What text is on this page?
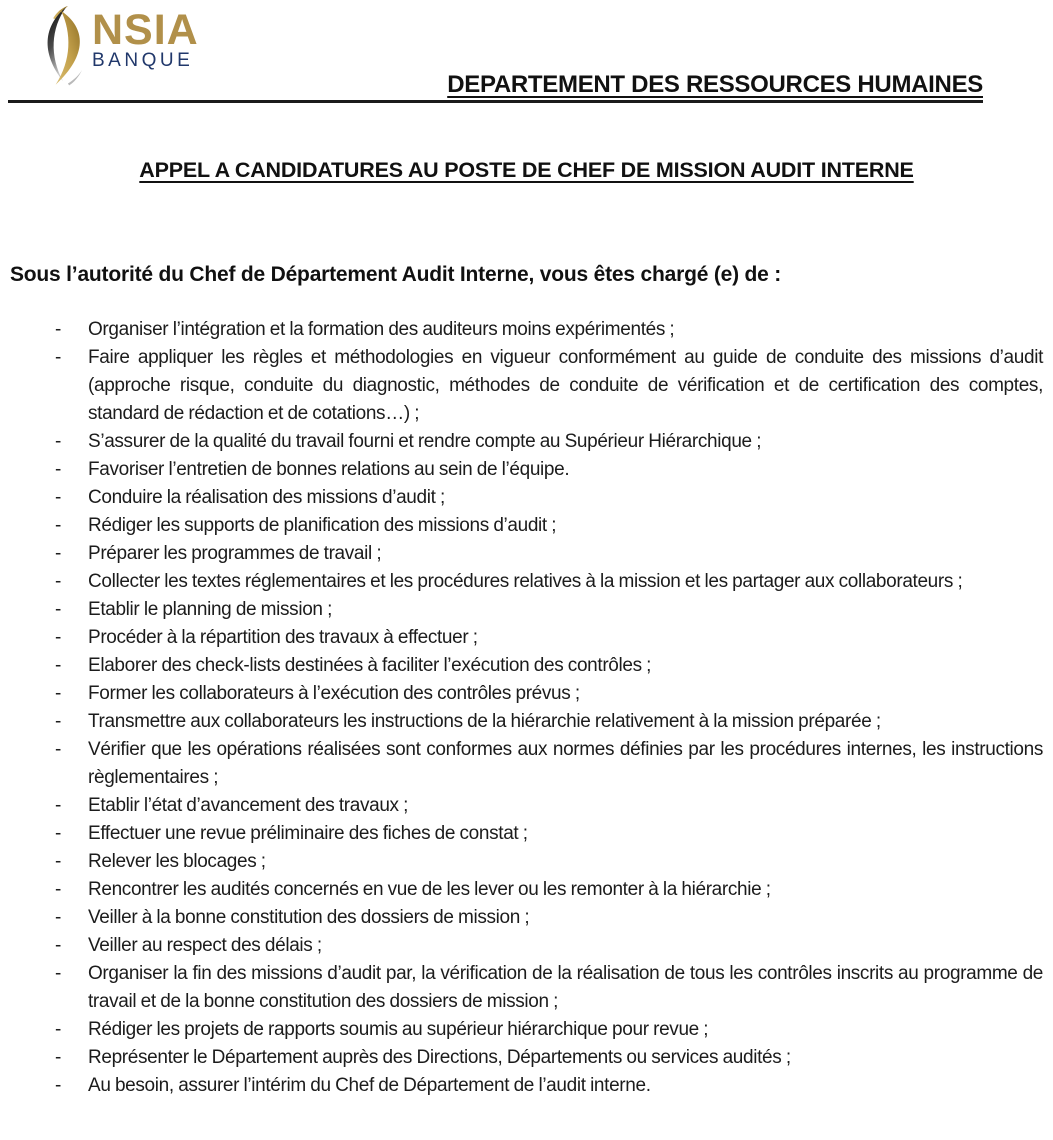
NSIA
BANQUE
DEPARTEMENT DES RESSOURCES HUMAINES
APPEL A CANDIDATURES AU POSTE DE CHEF DE MISSION AUDIT INTERNE

Sous l’autorité du Chef de Département Audit Interne, vous êtes chargé (e) de :

- Organiser l’intégration et la formation des auditeurs moins expérimentés ;
- Faire appliquer les règles et méthodologies en vigueur conformément au guide de conduite des missions d’audit (approche risque, conduite du diagnostic, méthodes de conduite de vérification et de certification des comptes, standard de rédaction et de cotations…) ;
- S’assurer de la qualité du travail fourni et rendre compte au Supérieur Hiérarchique ;
- Favoriser l’entretien de bonnes relations au sein de l’équipe.
- Conduire la réalisation des missions d’audit ;
- Rédiger les supports de planification des missions d’audit ;
- Préparer les programmes de travail ;
- Collecter les textes réglementaires et les procédures relatives à la mission et les partager aux collaborateurs ;
- Etablir le planning de mission ;
- Procéder à la répartition des travaux à effectuer ;
- Elaborer des check-lists destinées à faciliter l’exécution des contrôles ;
- Former les collaborateurs à l’exécution des contrôles prévus ;
- Transmettre aux collaborateurs les instructions de la hiérarchie relativement à la mission préparée ;
- Vérifier que les opérations réalisées sont conformes aux normes définies par les procédures internes, les instructions règlementaires ;
- Etablir l’état d’avancement des travaux ;
- Effectuer une revue préliminaire des fiches de constat ;
- Relever les blocages ;
- Rencontrer les audités concernés en vue de les lever ou les remonter à la hiérarchie ;
- Veiller à la bonne constitution des dossiers de mission ;
- Veiller au respect des délais ;
- Organiser la fin des missions d’audit par, la vérification de la réalisation de tous les contrôles inscrits au programme de travail et de la bonne constitution des dossiers de mission ;
- Rédiger les projets de rapports soumis au supérieur hiérarchique pour revue ;
- Représenter le Département auprès des Directions, Départements ou services audités ;
- Au besoin, assurer l’intérim du Chef de Département de l’audit interne.
